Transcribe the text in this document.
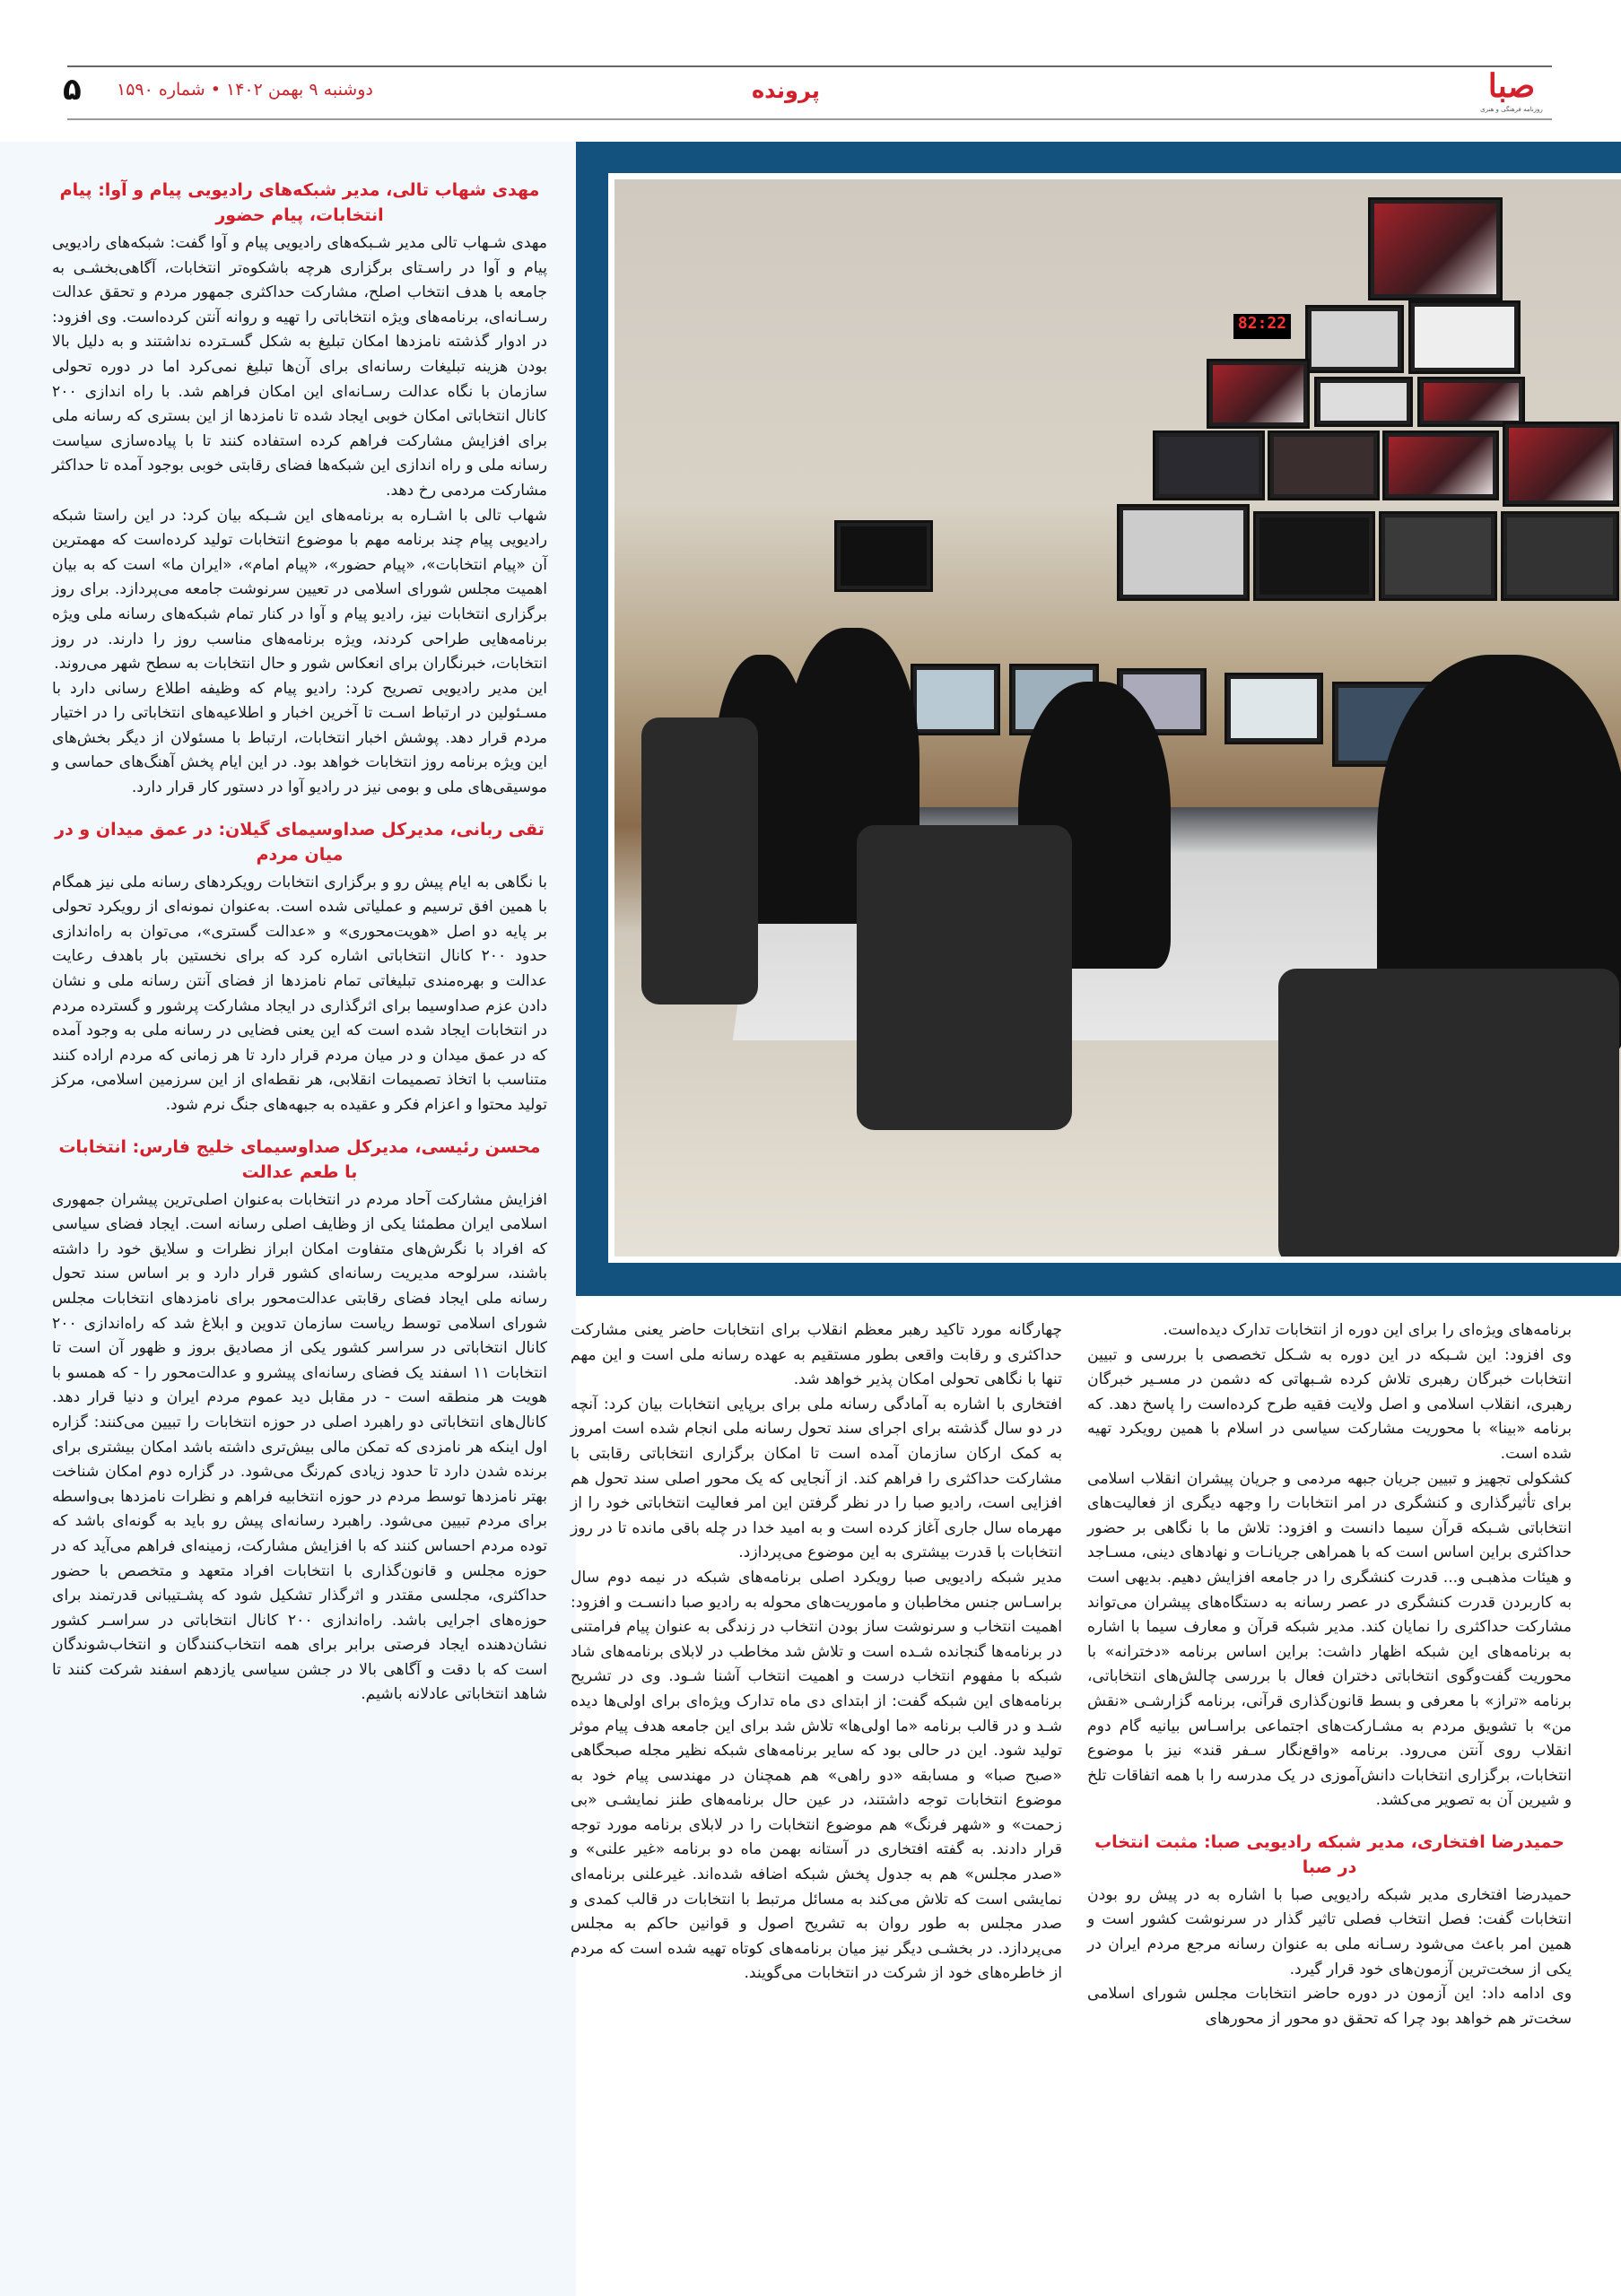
صبا
روزنامه فرهنگی و هنری
پرونده
دوشنبه ۹ بهمن ۱۴۰۲ • شماره ۱۵۹۰
۵
مهدی شهاب تالی، مدیر شبکه‌های رادیویی پیام و آوا: پیام انتخابات، پیام حضور

مهدی شـهاب تالی مدیر شـبکه‌های رادیویی پیام و آوا گفت: شبکه‌های رادیویی پیام و آوا در راسـتای برگزاری هرچه باشکوه‌تر انتخابات، آگاهی‌بخشـی به جامعه با هدف انتخاب اصلح، مشارکت حداکثری جمهور مردم و تحقق عدالت رسـانه‌ای، برنامه‌های ویژه انتخاباتی را تهیه و روانه آنتن کرده‌است. وی افزود: در ادوار گذشته نامزدها امکان تبلیغ به شکل گسـترده نداشتند و به دلیل بالا بودن هزینه تبلیغات رسانه‌ای برای آن‌ها تبلیغ نمی‌کرد اما در دوره تحولی سازمان با نگاه عدالت رسـانه‌ای این امکان فراهم شد. با راه اندازی ۲۰۰ کانال انتخاباتی امکان خوبی ایجاد شده تا نامزدها از این بستری که رسانه ملی برای افزایش مشارکت فراهم کرده استفاده کنند تا با پیاده‌سازی سیاست رسانه ملی و راه اندازی این شبکه‌ها فضای رقابتی خوبی بوجود آمده تا حداکثر مشارکت مردمی رخ دهد.

شهاب تالی با اشـاره به برنامه‌های این شـبکه بیان کرد: در این راستا شبکه رادیویی پیام چند برنامه مهم با موضوع انتخابات تولید کرده‌است که مهمترین آن «پیام انتخابات»، «پیام حضور»، «پیام امام»، «ایران ما» است که به بیان اهمیت مجلس شورای اسلامی در تعیین سرنوشت جامعه می‌پردازد. برای روز برگزاری انتخابات نیز، رادیو پیام و آوا در کنار تمام شبکه‌های رسانه ملی ویژه برنامه‌هایی طراحی کردند، ویژه برنامه‌های مناسب روز را دارند. در روز انتخابات، خبرنگاران برای انعکاس شور و حال انتخابات به سطح شهر می‌روند.

این مدیر رادیویی تصریح کرد: رادیو پیام که وظیفه اطلاع رسانی دارد با مسـئولین در ارتباط اسـت تا آخرین اخبار و اطلاعیه‌های انتخاباتی را در اختیار مردم قرار دهد. پوشش اخبار انتخابات، ارتباط با مسئولان از دیگر بخش‌های این ویژه برنامه روز انتخابات خواهد بود. در این ایام پخش آهنگ‌های حماسی و موسیقی‌های ملی و بومی نیز در رادیو آوا در دستور کار قرار دارد.

تقی ربانی، مدیرکل صداوسیمای گیلان: در عمق میدان و در میان مردم

با نگاهی به ایام پیش رو و برگزاری انتخابات رویکردهای رسانه ملی نیز همگام با همین افق ترسیم و عملیاتی شده است. به‌عنوان نمونه‌ای از رویکرد تحولی بر پایه دو اصل «هویت‌محوری» و «عدالت گستری»، می‌توان به راه‌اندازی حدود ۲۰۰ کانال انتخاباتی اشاره کرد که برای نخستین بار باهدف رعایت عدالت و بهره‌مندی تبلیغاتی تمام نامزدها از فضای آنتن رسانه ملی و نشان دادن عزم صداوسیما برای اثرگذاری در ایجاد مشارکت پرشور و گسترده مردم در انتخابات ایجاد شده است که این یعنی فضایی در رسانه ملی به وجود آمده که در عمق میدان و در میان مردم قرار دارد تا هر زمانی که مردم اراده کنند متناسب با اتخاذ تصمیمات انقلابی، هر نقطه‌ای از این سرزمین اسلامی، مرکز تولید محتوا و اعزام فکر و عقیده به جبهه‌های جنگ نرم شود.

محسن رئیسی، مدیرکل صداوسیمای خلیج فارس: انتخابات با طعم عدالت

افزایش مشارکت آحاد مردم در انتخابات به‌عنوان اصلی‌ترین پیشران جمهوری اسلامی ایران مطمئنا یکی از وظایف اصلی رسانه است. ایجاد فضای سیاسی که افراد با نگرش‌های متفاوت امکان ابراز نظرات و سلایق خود را داشته باشند، سرلوحه مدیریت رسانه‌ای کشور قرار دارد و بر اساس سند تحول رسانه ملی ایجاد فضای رقابتی عدالت‌محور برای نامزدهای انتخابات مجلس شورای اسلامی توسط ریاست سازمان تدوین و ابلاغ شد که راه‌اندازی ۲۰۰ کانال انتخاباتی در سراسر کشور یکی از مصادیق بروز و ظهور آن است تا انتخابات ۱۱ اسفند یک فضای رسانه‌ای پیشرو و عدالت‌محور را - که همسو با هویت هر منطقه است - در مقابل دید عموم مردم ایران و دنیا قرار دهد. کانال‌های انتخاباتی دو راهبرد اصلی در حوزه انتخابات را تبیین می‌کنند: گزاره اول اینکه هر نامزدی که تمکن مالی بیش‌تری داشته باشد امکان بیشتری برای برنده شدن دارد تا حدود زیادی کم‌رنگ می‌شود. در گزاره دوم امکان شناخت بهتر نامزدها توسط مردم در حوزه انتخابیه فراهم و نظرات نامزدها بی‌واسطه برای مردم تبیین می‌شود. راهبرد رسانه‌ای پیش رو باید به گونه‌ای باشد که توده مردم احساس کنند که با افزایش مشارکت، زمینه‌ای فراهم می‌آید که در حوزه مجلس و قانون‌گذاری با انتخابات افراد متعهد و متخصص با حضور حداکثری، مجلسی مقتدر و اثرگذار تشکیل شود که پشـتیبانی قدرتمند برای حوزه‌های اجرایی باشد. راه‌اندازی ۲۰۰ کانال انتخاباتی در سراسـر کشور نشان‌دهنده ایجاد فرصتی برابر برای همه انتخاب‌کنندگان و انتخاب‌شوندگان است که با دقت و آگاهی بالا در جشن سیاسی یازدهم اسفند شرکت کنند تا شاهد انتخاباتی عادلانه باشیم.

82:22

چهارگانه مورد تاکید رهبر معظم انقلاب برای انتخابات حاضر یعنی مشارکت حداکثری و رقابت واقعی بطور مستقیم به عهده رسانه ملی است و این مهم تنها با نگاهی تحولی امکان پذیر خواهد شد.

افتخاری با اشاره به آمادگی رسانه ملی برای برپایی انتخابات بیان کرد: آنچه در دو سال گذشته برای اجرای سند تحول رسانه ملی انجام شده است امروز به کمک ارکان سازمان آمده است تا امکان برگزاری انتخاباتی رقابتی با مشارکت حداکثری را فراهم کند. از آنجایی که یک محور اصلی سند تحول هم افزایی است، رادیو صبا را در نظر گرفتن این امر فعالیت انتخاباتی خود را از مهرماه سال جاری آغاز کرده است و به امید خدا در چله باقی مانده تا در روز انتخابات با قدرت بیشتری به این موضوع می‌پردازد.

مدیر شبکه رادیویی صبا رویکرد اصلی برنامه‌های شبکه در نیمه دوم سال براسـاس جنس مخاطبان و ماموریت‌های محوله به رادیو صبا دانسـت و افزود: اهمیت انتخاب و سرنوشت ساز بودن انتخاب در زندگی به عنوان پیام فرامتنی در برنامه‌ها گنجانده شـده است و تلاش شد مخاطب در لابلای برنامه‌های شاد شبکه با مفهوم انتخاب درست و اهمیت انتخاب آشنا شـود. وی در تشریح برنامه‌های این شبکه گفت: از ابتدای دی ماه تدارک ویژه‌ای برای اولی‌ها دیده شـد و در قالب برنامه «ما اولی‌ها» تلاش شد برای این جامعه هدف پیام موثر تولید شود. این در حالی بود که سایر برنامه‌های شبکه نظیر مجله صبحگاهی «صبح صبا» و مسابقه «دو راهی» هم همچنان در مهندسی پیام خود به موضوع انتخابات توجه داشتند، در عین حال برنامه‌های طنز نمایشـی «بی زحمت» و «شهر فرنگ» هم موضوع انتخابات را در لابلای برنامه مورد توجه قرار دادند. به گفته افتخاری در آستانه بهمن ماه دو برنامه «غیر علنی» و «صدر مجلس» هم به جدول پخش شبکه اضافه شده‌اند. غیرعلنی برنامه‌ای نمایشی است که تلاش می‌کند به مسائل مرتبط با انتخابات در قالب کمدی و صدر مجلس به طور روان به تشریح اصول و قوانین حاکم به مجلس می‌پردازد. در بخشـی دیگر نیز میان برنامه‌های کوتاه تهیه شده است که مردم از خاطره‌های خود از شرکت در انتخابات می‌گویند.

برنامه‌های ویژه‌ای را برای این دوره از انتخابات تدارک دیده‌است.

وی افزود: این شـبکه در این دوره به شـکل تخصصی با بررسی و تبیین انتخابات خبرگان رهبری تلاش کرده شـبهاتی که دشمن در مسـیر خبرگان رهبری، انقلاب اسلامی و اصل ولایت فقیه طرح کرده‌است را پاسخ دهد. که برنامه «بینا» با محوریت مشارکت سیاسی در اسلام با همین رویکرد تهیه شده است.

کشکولی تجهیز و تبیین جریان جبهه مردمی و جریان پیشران انقلاب اسلامی برای تأثیرگذاری و کنشگری در امر انتخابات را وجهه دیگری از فعالیت‌های انتخاباتی شـبکه قرآن سیما دانست و افزود: تلاش ما با نگاهی بر حضور حداکثری براین اساس است که با همراهی جریانـات و نهادهای دینی، مسـاجد و هیئات مذهبـی و... قدرت کنشگری را در جامعه افزایش دهیم. بدیهی است به کاربردن قدرت کنشگری در عصر رسانه به دستگاه‌های پیشران می‌تواند مشارکت حداکثری را نمایان کند. مدیر شبکه قرآن و معارف سیما با اشاره به برنامه‌های این شبکه اظهار داشت: براین اساس برنامه «دخترانه» با محوریت گفت‌وگوی انتخاباتی دختران فعال با بررسی چالش‌های انتخاباتی، برنامه «تراز» با معرفی و بسط قانون‌گذاری قرآنی، برنامه گزارشـی «نقش من» با تشویق مردم به مشـارکت‌های اجتماعی براسـاس بیانیه گام دوم انقلاب روی آنتن می‌رود. برنامه «واقع‌نگار سـفر قند» نیز با موضوع انتخابات، برگزاری انتخابات دانش‌آموزی در یک مدرسه را با همه اتفاقات تلخ و شیرین آن به تصویر می‌کشد.

حمیدرضا افتخاری، مدیر شبکه رادیویی صبا: مثبت انتخاب در صبا

حمیدرضا افتخاری مدیر شبکه رادیویی صبا با اشاره به در پیش رو بودن انتخابات گفت: فصل انتخاب فصلی تاثیر گذار در سرنوشت کشور است و همین امر باعث می‌شود رسـانه ملی به عنوان رسانه مرجع مردم ایران در یکی از سخت‌ترین آزمون‌های خود قرار گیرد.

وی ادامه داد: این آزمون در دوره حاضر انتخابات مجلس شورای اسلامی سخت‌تر هم خواهد بود چرا که تحقق دو محور از محورهای
